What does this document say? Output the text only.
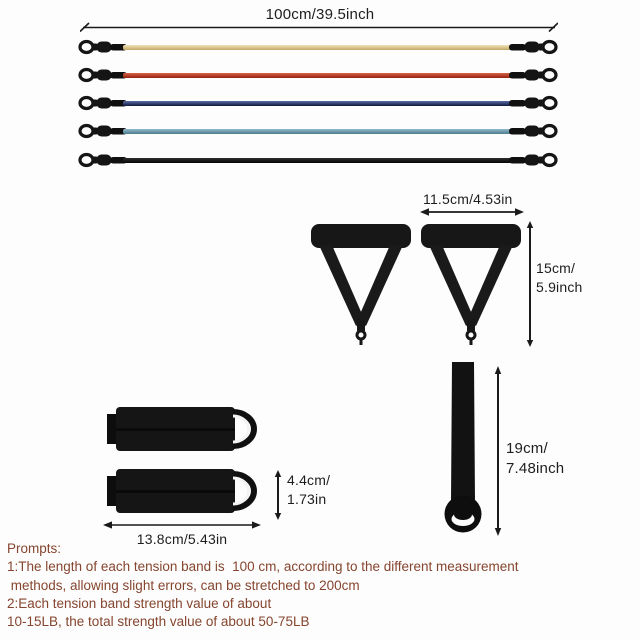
100cm/39.5inch
11.5cm/4.53in
15cm/
5.9inch
4.4cm/
1.73in
13.8cm/5.43in
19cm/
7.48inch
Prompts:
1:The length of each tension band is  100 cm, according to the different measurement
methods, allowing slight errors, can be stretched to 200cm
2:Each tension band strength value of about
10-15LB, the total strength value of about 50-75LB
